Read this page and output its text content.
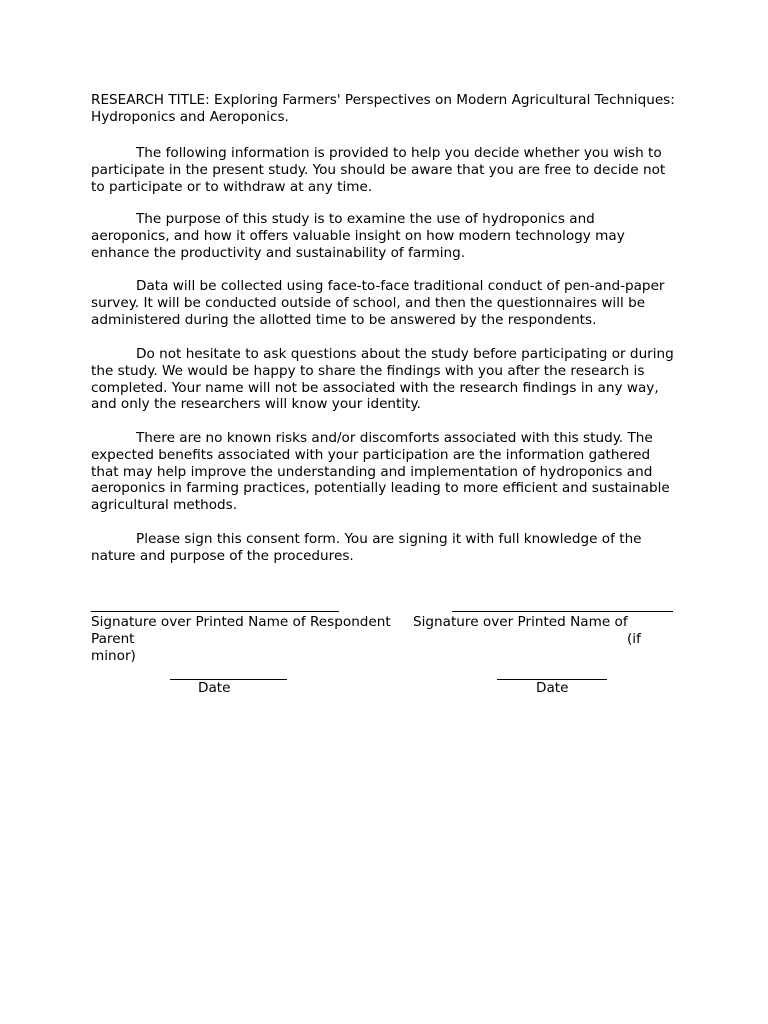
RESEARCH TITLE: Exploring Farmers' Perspectives on Modern Agricultural Techniques: Hydroponics and Aeroponics.

The following information is provided to help you decide whether you wish to participate in the present study. You should be aware that you are free to decide not to participate or to withdraw at any time.

The purpose of this study is to examine the use of hydroponics and aeroponics, and how it offers valuable insight on how modern technology may enhance the productivity and sustainability of farming.

Data will be collected using face-to-face traditional conduct of pen-and-paper survey. It will be conducted outside of school, and then the questionnaires will be administered during the allotted time to be answered by the respondents.

Do not hesitate to ask questions about the study before participating or during the study. We would be happy to share the findings with you after the research is completed. Your name will not be associated with the research findings in any way, and only the researchers will know your identity.

There are no known risks and/or discomforts associated with this study. The expected benefits associated with your participation are the information gathered that may help improve the understanding and implementation of hydroponics and aeroponics in farming practices, potentially leading to more efficient and sustainable agricultural methods.

Please sign this consent form. You are signing it with full knowledge of the nature and purpose of the procedures.

Signature over Printed Name of Respondent Signature over Printed Name of

Parent	(if

minor)

Date	Date
